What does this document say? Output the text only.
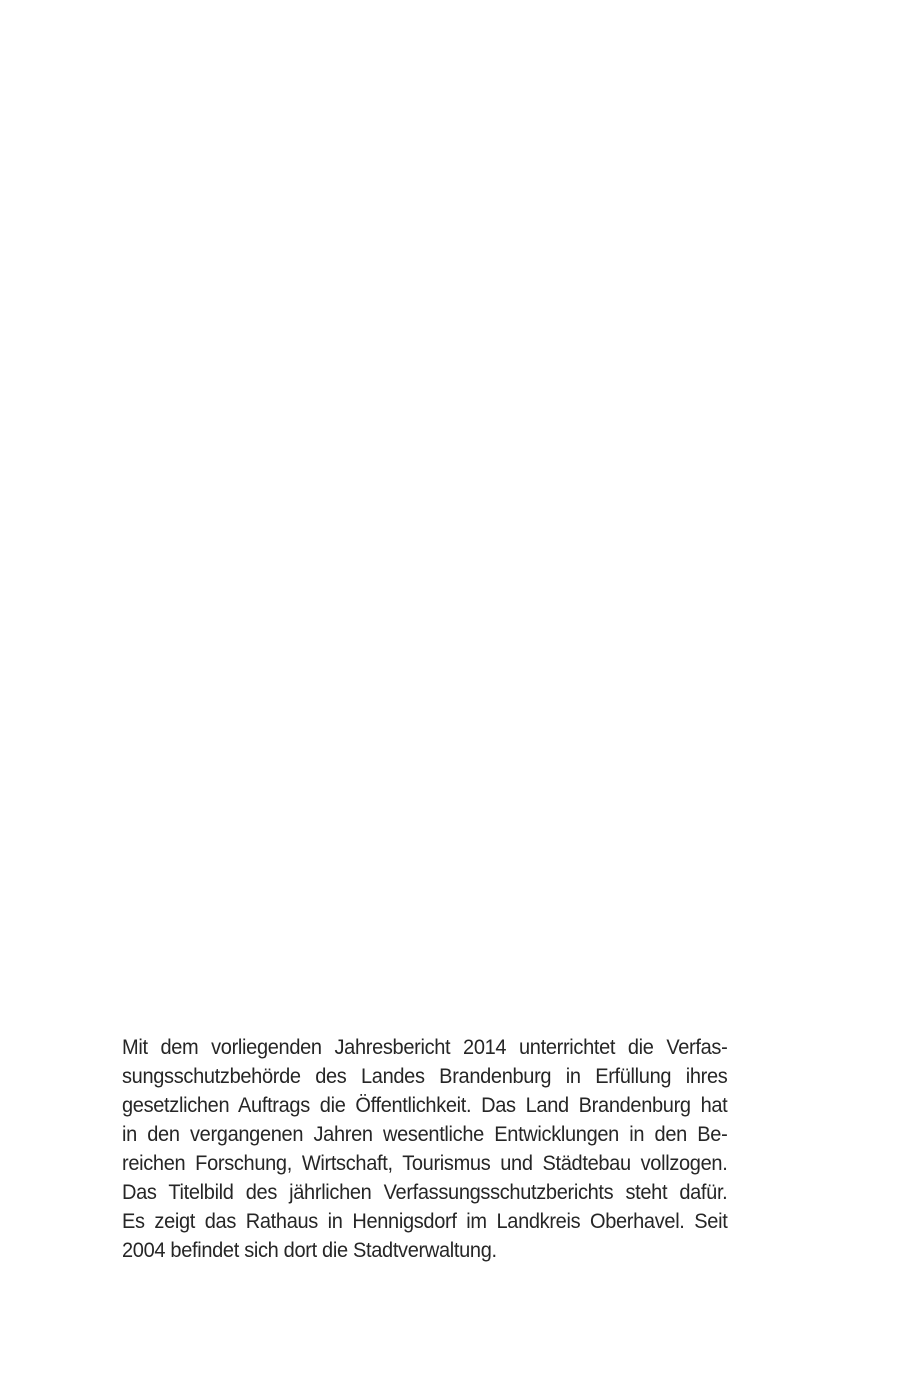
Mit dem vorliegenden Jahresbericht 2014 unterrichtet die Verfas-
sungsschutzbehörde des Landes Brandenburg in Erfüllung ihres
gesetzlichen Auftrags die Öffentlichkeit. Das Land Brandenburg hat
in den vergangenen Jahren wesentliche Entwicklungen in den Be-
reichen Forschung, Wirtschaft, Tourismus und Städtebau vollzogen.
Das Titelbild des jährlichen Verfassungsschutzberichts steht dafür.
Es zeigt das Rathaus in Hennigsdorf im Landkreis Oberhavel. Seit
2004 befindet sich dort die Stadtverwaltung.
